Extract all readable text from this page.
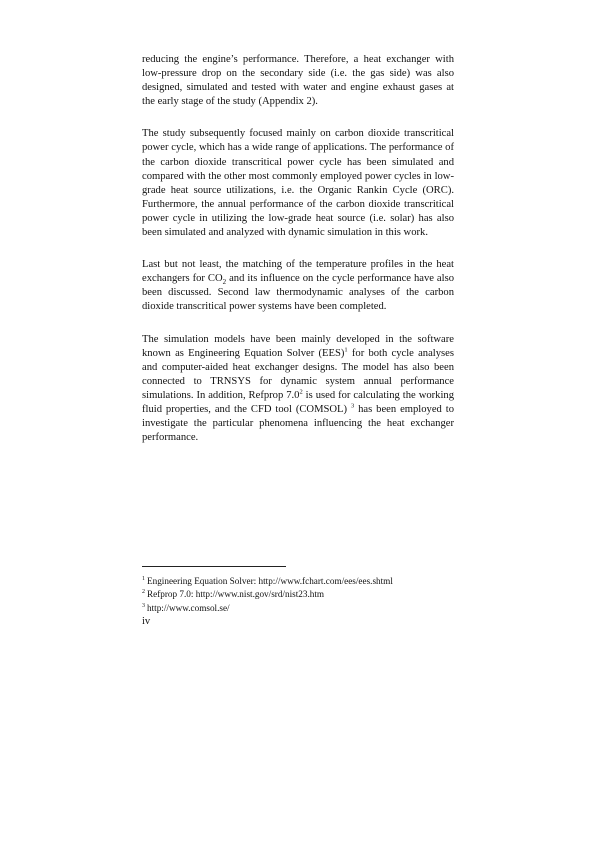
reducing the engine’s performance. Therefore, a heat exchanger with low-pressure drop on the secondary side (i.e. the gas side) was also designed, simulated and tested with water and engine exhaust gases at the early stage of the study (Appendix 2).

The study subsequently focused mainly on carbon dioxide transcritical power cycle, which has a wide range of applications. The performance of the carbon dioxide transcritical power cycle has been simulated and compared with the other most commonly employed power cycles in low-grade heat source utilizations, i.e. the Organic Rankin Cycle (ORC). Furthermore, the annual performance of the carbon dioxide transcritical power cycle in utilizing the low-grade heat source (i.e. solar) has also been simulated and analyzed with dynamic simulation in this work.

Last but not least, the matching of the temperature profiles in the heat exchangers for $CO_2$ and its influence on the cycle performance have also been discussed. Second law thermodynamic analyses of the carbon dioxide transcritical power systems have been completed.

The simulation models have been mainly developed in the software known as Engineering Equation Solver (EES)$^1$ for both cycle analyses and computer-aided heat exchanger designs. The model has also been connected to TRNSYS for dynamic system annual performance simulations. In addition, Refprop $7.0^2$ is used for calculating the working fluid properties, and the CFD tool (COMSOL) $^3$ has been employed to investigate the particular phenomena influencing the heat exchanger performance.

$^1$ Engineering Equation Solver: http://www.fchart.com/ees/ees.shtml

$^2$ Refprop 7.0: http://www.nist.gov/srd/nist23.htm

$^3$ http://www.comsol.se/

iv
